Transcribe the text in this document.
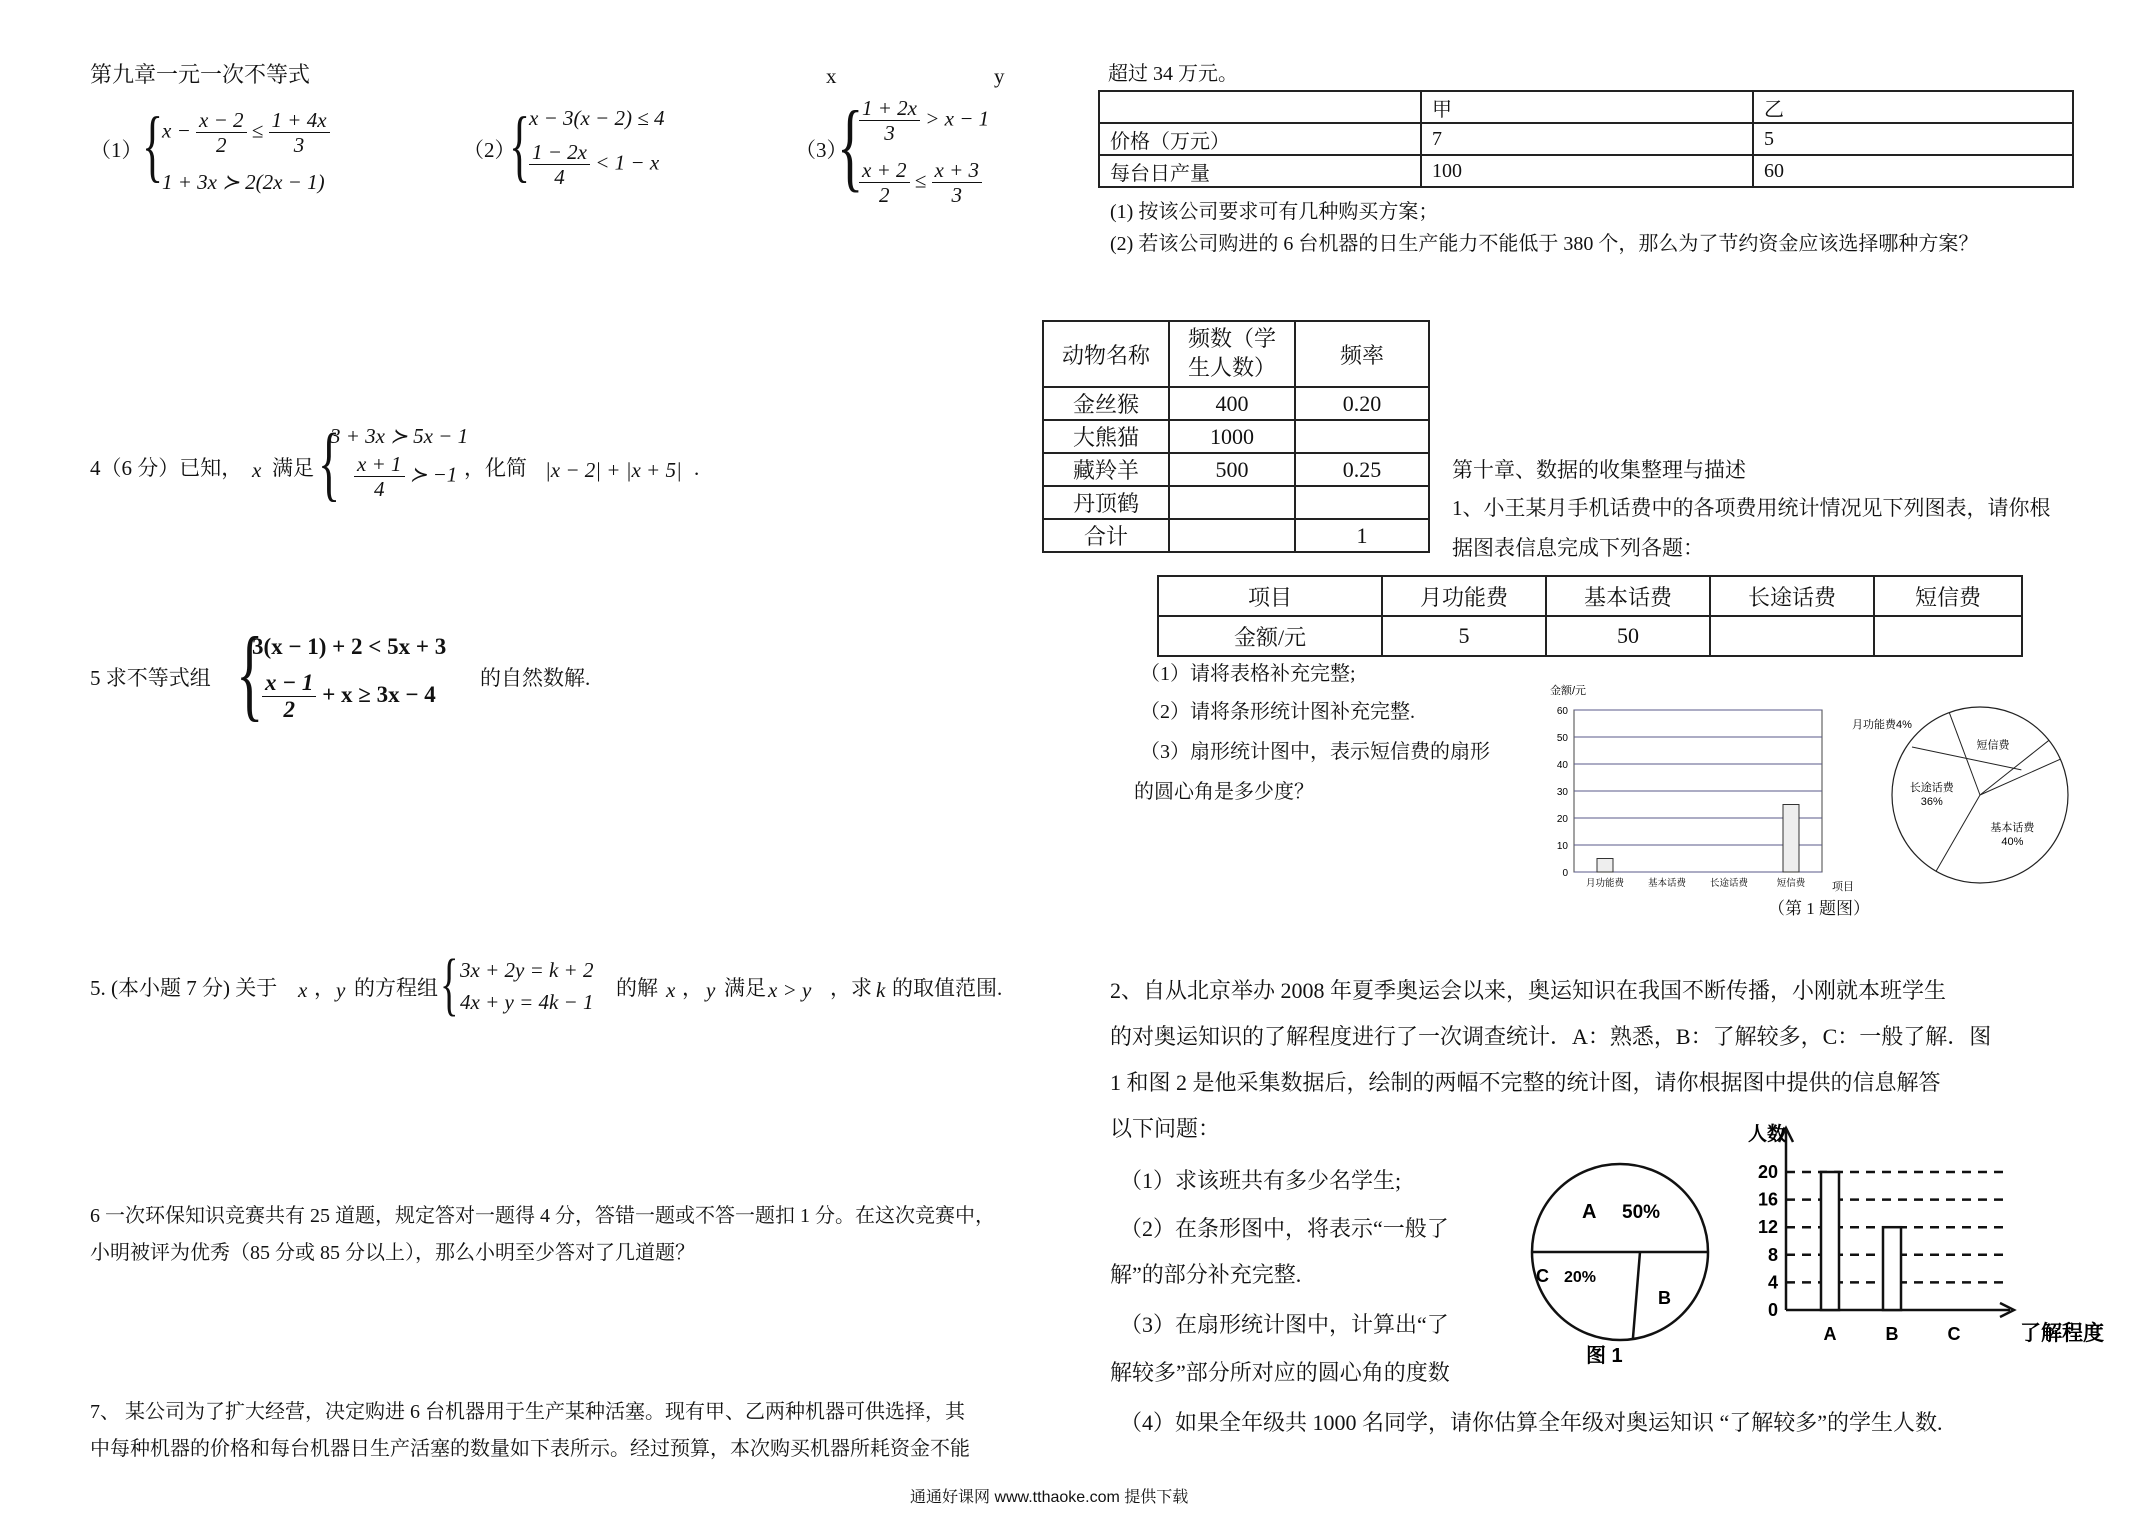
第九章一元一次不等式	x	y
（1） {
$x - \frac{x - 2}{2} \le \frac{1 + 4x}{3}$
1 + 3x ≻ 2(2x − 1)
（2）
{
x − 3(x − 2) ≤ 4
$\frac{1 - 2x}{4} < 1 - x$
（3）
{
$\frac{1 + 2x}{3} > x - 1$
$\frac{x + 2}{2} \le \frac{x + 3}{3}$
4（6 分）已知， x 满足 {
3 + 3x ≻ 5x − 1
$\frac{x + 1}{4}$ ≻ −1 ，化简 |x − 2| + |x + 5| .
5 求不等式组 {
3(x − 1) + 2 < 5x + 3
$\frac{x - 1}{2} + x \ge 3x - 4$
的自然数解.
5. (本小题 7 分) 关于 x ， y 的方程组 { 3x + 2y = k + 2
4x + y = 4k − 1
的解 x ， y 满足 x > y ，求 k 的取值范围.
6 一次环保知识竞赛共有 25 道题，规定答对一题得 4 分，答错一题或不答一题扣 1 分。在这次竞赛中，
小明被评为优秀（85 分或 85 分以上），那么小明至少答对了几道题？
7、 某公司为了扩大经营，决定购进 6 台机器用于生产某种活塞。现有甲、乙两种机器可供选择，其
中每种机器的价格和每台机器日生产活塞的数量如下表所示。经过预算，本次购买机器所耗资金不能
超过 34 万元。
	甲	乙
价格（万元）	7	5
每台日产量	100	60
(1) 按该公司要求可有几种购买方案；
(2) 若该公司购进的 6 台机器的日生产能力不能低于 380 个，那么为了节约资金应该选择哪种方案？
动物名称	频数（学
生人数）	频率
金丝猴	400	0.20
大熊猫	1000	
藏羚羊	500	0.25
丹顶鹤		
合计		1
第十章、数据的收集整理与描述
1、小王某月手机话费中的各项费用统计情况见下列图表，请你根
据图表信息完成下列各题：
项目	月功能费	基本话费	长途话费	短信费
金额/元	5	50		
（1）请将表格补充完整;
（2）请将条形统计图补充完整.
（3）扇形统计图中，表示短信费的扇形
的圆心角是多少度？
金额/元
0
10
20
30
40
50
60
月功能费	基本话费	长途话费	短信费 项目
月功能费4%
基本话费
40%
长途话费
36%
短信费
（第 1 题图）
2、自从北京举办 2008 年夏季奥运会以来，奥运知识在我国不断传播，小刚就本班学生
的对奥运知识的了解程度进行了一次调查统计．A：熟悉，B：了解较多，C：一般了解．图
1 和图 2 是他采集数据后，绘制的两幅不完整的统计图，请你根据图中提供的信息解答
以下问题：
（1）求该班共有多少名学生;
（2）在条形图中，将表示“一般了
解”的部分补充完整.
（3）在扇形统计图中，计算出“了
解较多”部分所对应的圆心角的度数
（4）如果全年级共 1000 名同学，请你估算全年级对奥运知识 “了解较多”的学生人数.
A 50%
B
C 20%
图 1
人数
了解程度
0
4
8
12
16
20
A	B	C
通通好课网 www.tthaoke.com 提供下载
